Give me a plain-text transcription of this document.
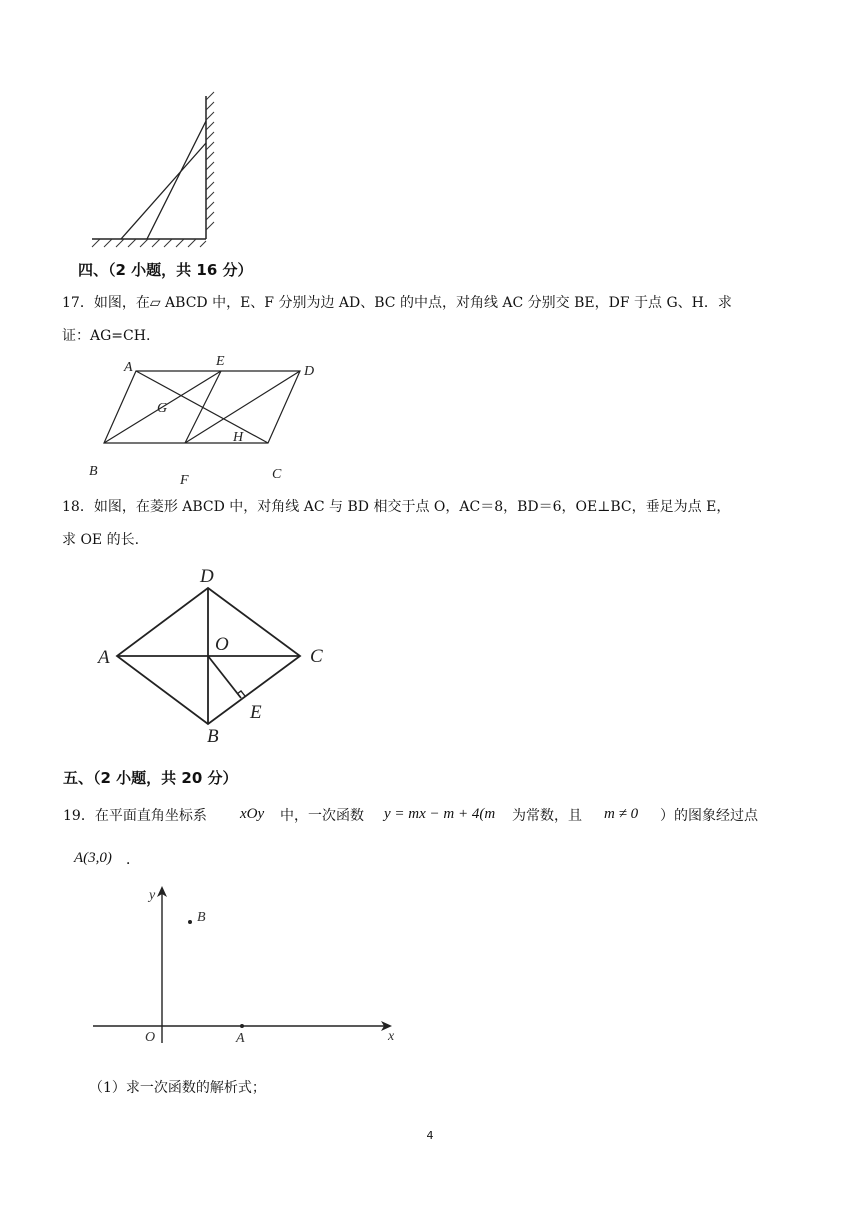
四、（2 小题，共 16 分）
17．如图，在▱ ABCD 中，E、F 分别为边 AD、BC 的中点，对角线 AC 分别交 BE，DF 于点 G、H．求
证：AG=CH.
A	E
D
G
H
B
F	C
18．如图，在菱形 ABCD 中，对角线 AC 与 BD 相交于点 O，AC＝8，BD＝6，OE⊥BC，垂足为点 E，
求 OE 的长.
D
A
O
C
E
B
五、（2 小题，共 20 分）
19．在平面直角坐标系 xOy 中，一次函数 y = mx − m + 4(m 为常数，且 m ≠ 0 ）的图象经过点
A(3,0) ．
y
x
O	A
B
（1）求一次函数的解析式；
4
